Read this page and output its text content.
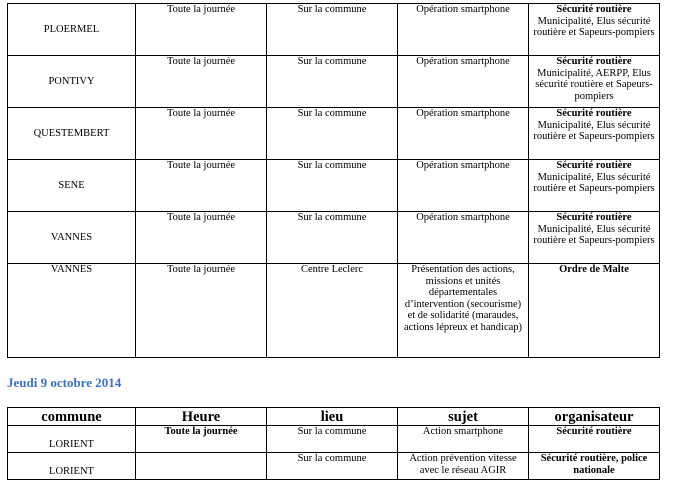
PLOERMEL	Toute la journée	Sur la commune	Opération smartphone	Sécurité routière
Municipalité, Elus sécurité routière et Sapeurs-pompiers

PONTIVY	Toute la journée	Sur la commune	Opération smartphone	Sécurité routière
Municipalité, AERPP, Elus sécurité routière et Sapeurs-pompiers

QUESTEMBERT	Toute la journée	Sur la commune	Opération smartphone	Sécurité routière
Municipalité, Elus sécurité routière et Sapeurs-pompiers

SENE	Toute la journée	Sur la commune	Opération smartphone	Sécurité routière
Municipalité, Elus sécurité routière et Sapeurs-pompiers

VANNES	Toute la journée	Sur la commune	Opération smartphone	Sécurité routière
Municipalité, Elus sécurité routière et Sapeurs-pompiers
VANNES	Toute la journée	Centre Leclerc	Présentation des actions, missions et unités départementales d’intervention (secourisme) et de solidarité (maraudes, actions lépreux et handicap)	Ordre de Malte
Jeudi 9 octobre 2014
commune	Heure	lieu	sujet	organisateur
LORIENT	Toute la journée	Sur la commune	Action smartphone	Sécurité routière

LORIENT		Sur la commune	Action prévention vitesse avec le réseau AGIR	Sécurité routière, police nationale
